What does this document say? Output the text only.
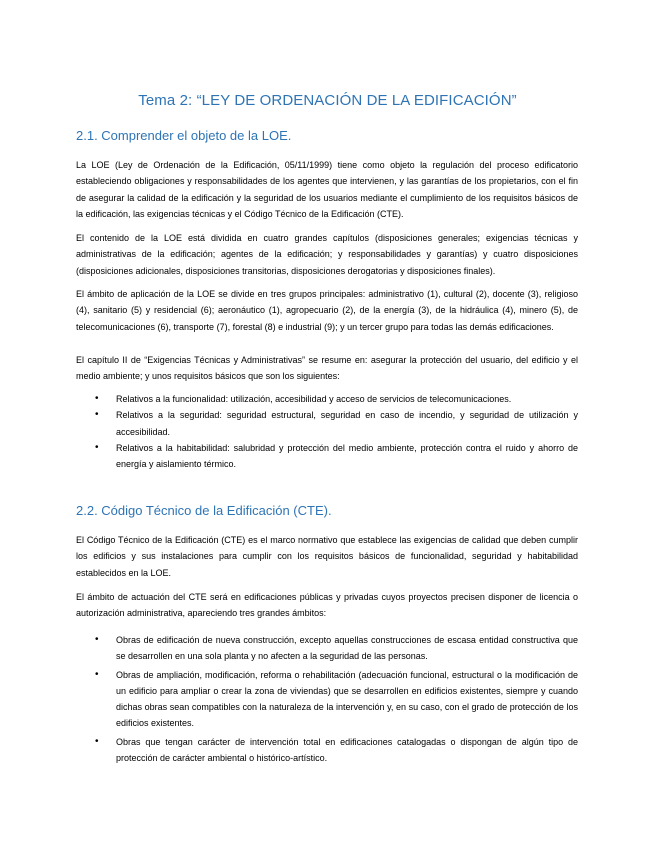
Tema 2: “LEY DE ORDENACIÓN DE LA EDIFICACIÓN”
2.1. Comprender el objeto de la LOE.

La LOE (Ley de Ordenación de la Edificación, 05/11/1999) tiene como objeto la regulación del proceso edificatorio estableciendo obligaciones y responsabilidades de los agentes que intervienen, y las garantías de los propietarios, con el fin de asegurar la calidad de la edificación y la seguridad de los usuarios mediante el cumplimiento de los requisitos básicos de la edificación, las exigencias técnicas y el Código Técnico de la Edificación (CTE).

El contenido de la LOE está dividida en cuatro grandes capítulos (disposiciones generales; exigencias técnicas y administrativas de la edificación; agentes de la edificación; y responsabilidades y garantías) y cuatro disposiciones (disposiciones adicionales, disposiciones transitorias, disposiciones derogatorias y disposiciones finales).

El ámbito de aplicación de la LOE se divide en tres grupos principales: administrativo (1), cultural (2), docente (3), religioso (4), sanitario (5) y residencial (6); aeronáutico (1), agropecuario (2), de la energía (3), de la hidráulica (4), minero (5), de telecomunicaciones (6), transporte (7), forestal (8) e industrial (9); y un tercer grupo para todas las demás edificaciones.

El capítulo II de “Exigencias Técnicas y Administrativas” se resume en: asegurar la protección del usuario, del edificio y el medio ambiente; y unos requisitos básicos que son los siguientes:

• Relativos a la funcionalidad: utilización, accesibilidad y acceso de servicios de telecomunicaciones.
• Relativos a la seguridad: seguridad estructural, seguridad en caso de incendio, y seguridad de utilización y accesibilidad.
• Relativos a la habitabilidad: salubridad y protección del medio ambiente, protección contra el ruido y ahorro de energía y aislamiento térmico.
2.2. Código Técnico de la Edificación (CTE).

El Código Técnico de la Edificación (CTE) es el marco normativo que establece las exigencias de calidad que deben cumplir los edificios y sus instalaciones para cumplir con los requisitos básicos de funcionalidad, seguridad y habitabilidad establecidos en la LOE.

El ámbito de actuación del CTE será en edificaciones públicas y privadas cuyos proyectos precisen disponer de licencia o autorización administrativa, apareciendo tres grandes ámbitos:

• Obras de edificación de nueva construcción, excepto aquellas construcciones de escasa entidad constructiva que se desarrollen en una sola planta y no afecten a la seguridad de las personas.
• Obras de ampliación, modificación, reforma o rehabilitación (adecuación funcional, estructural o la modificación de un edificio para ampliar o crear la zona de viviendas) que se desarrollen en edificios existentes, siempre y cuando dichas obras sean compatibles con la naturaleza de la intervención y, en su caso, con el grado de protección de los edificios existentes.
• Obras que tengan carácter de intervención total en edificaciones catalogadas o dispongan de algún tipo de protección de carácter ambiental o histórico-artístico.
